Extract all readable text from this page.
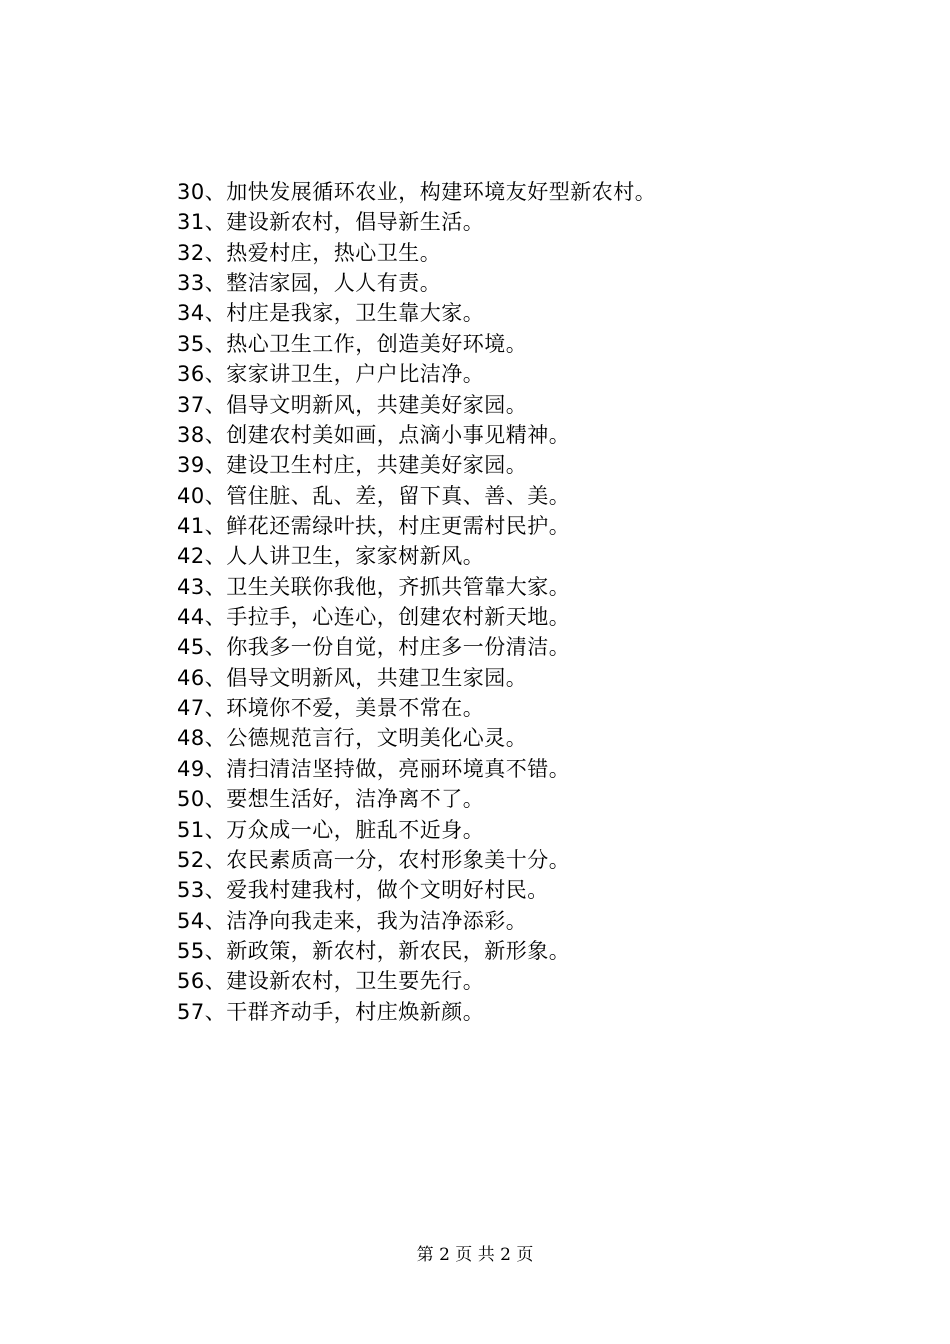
30、加快发展循环农业，构建环境友好型新农村。
31、建设新农村，倡导新生活。
32、热爱村庄，热心卫生。
33、整洁家园，人人有责。
34、村庄是我家，卫生靠大家。
35、热心卫生工作，创造美好环境。
36、家家讲卫生，户户比洁净。
37、倡导文明新风，共建美好家园。
38、创建农村美如画，点滴小事见精神。
39、建设卫生村庄，共建美好家园。
40、管住脏、乱、差，留下真、善、美。
41、鲜花还需绿叶扶，村庄更需村民护。
42、人人讲卫生，家家树新风。
43、卫生关联你我他，齐抓共管靠大家。
44、手拉手，心连心，创建农村新天地。
45、你我多一份自觉，村庄多一份清洁。
46、倡导文明新风，共建卫生家园。
47、环境你不爱，美景不常在。
48、公德规范言行，文明美化心灵。
49、清扫清洁坚持做，亮丽环境真不错。
50、要想生活好，洁净离不了。
51、万众成一心，脏乱不近身。
52、农民素质高一分，农村形象美十分。
53、爱我村建我村，做个文明好村民。
54、洁净向我走来，我为洁净添彩。
55、新政策，新农村，新农民，新形象。
56、建设新农村，卫生要先行。
57、干群齐动手，村庄焕新颜。
第 2 页 共 2 页
